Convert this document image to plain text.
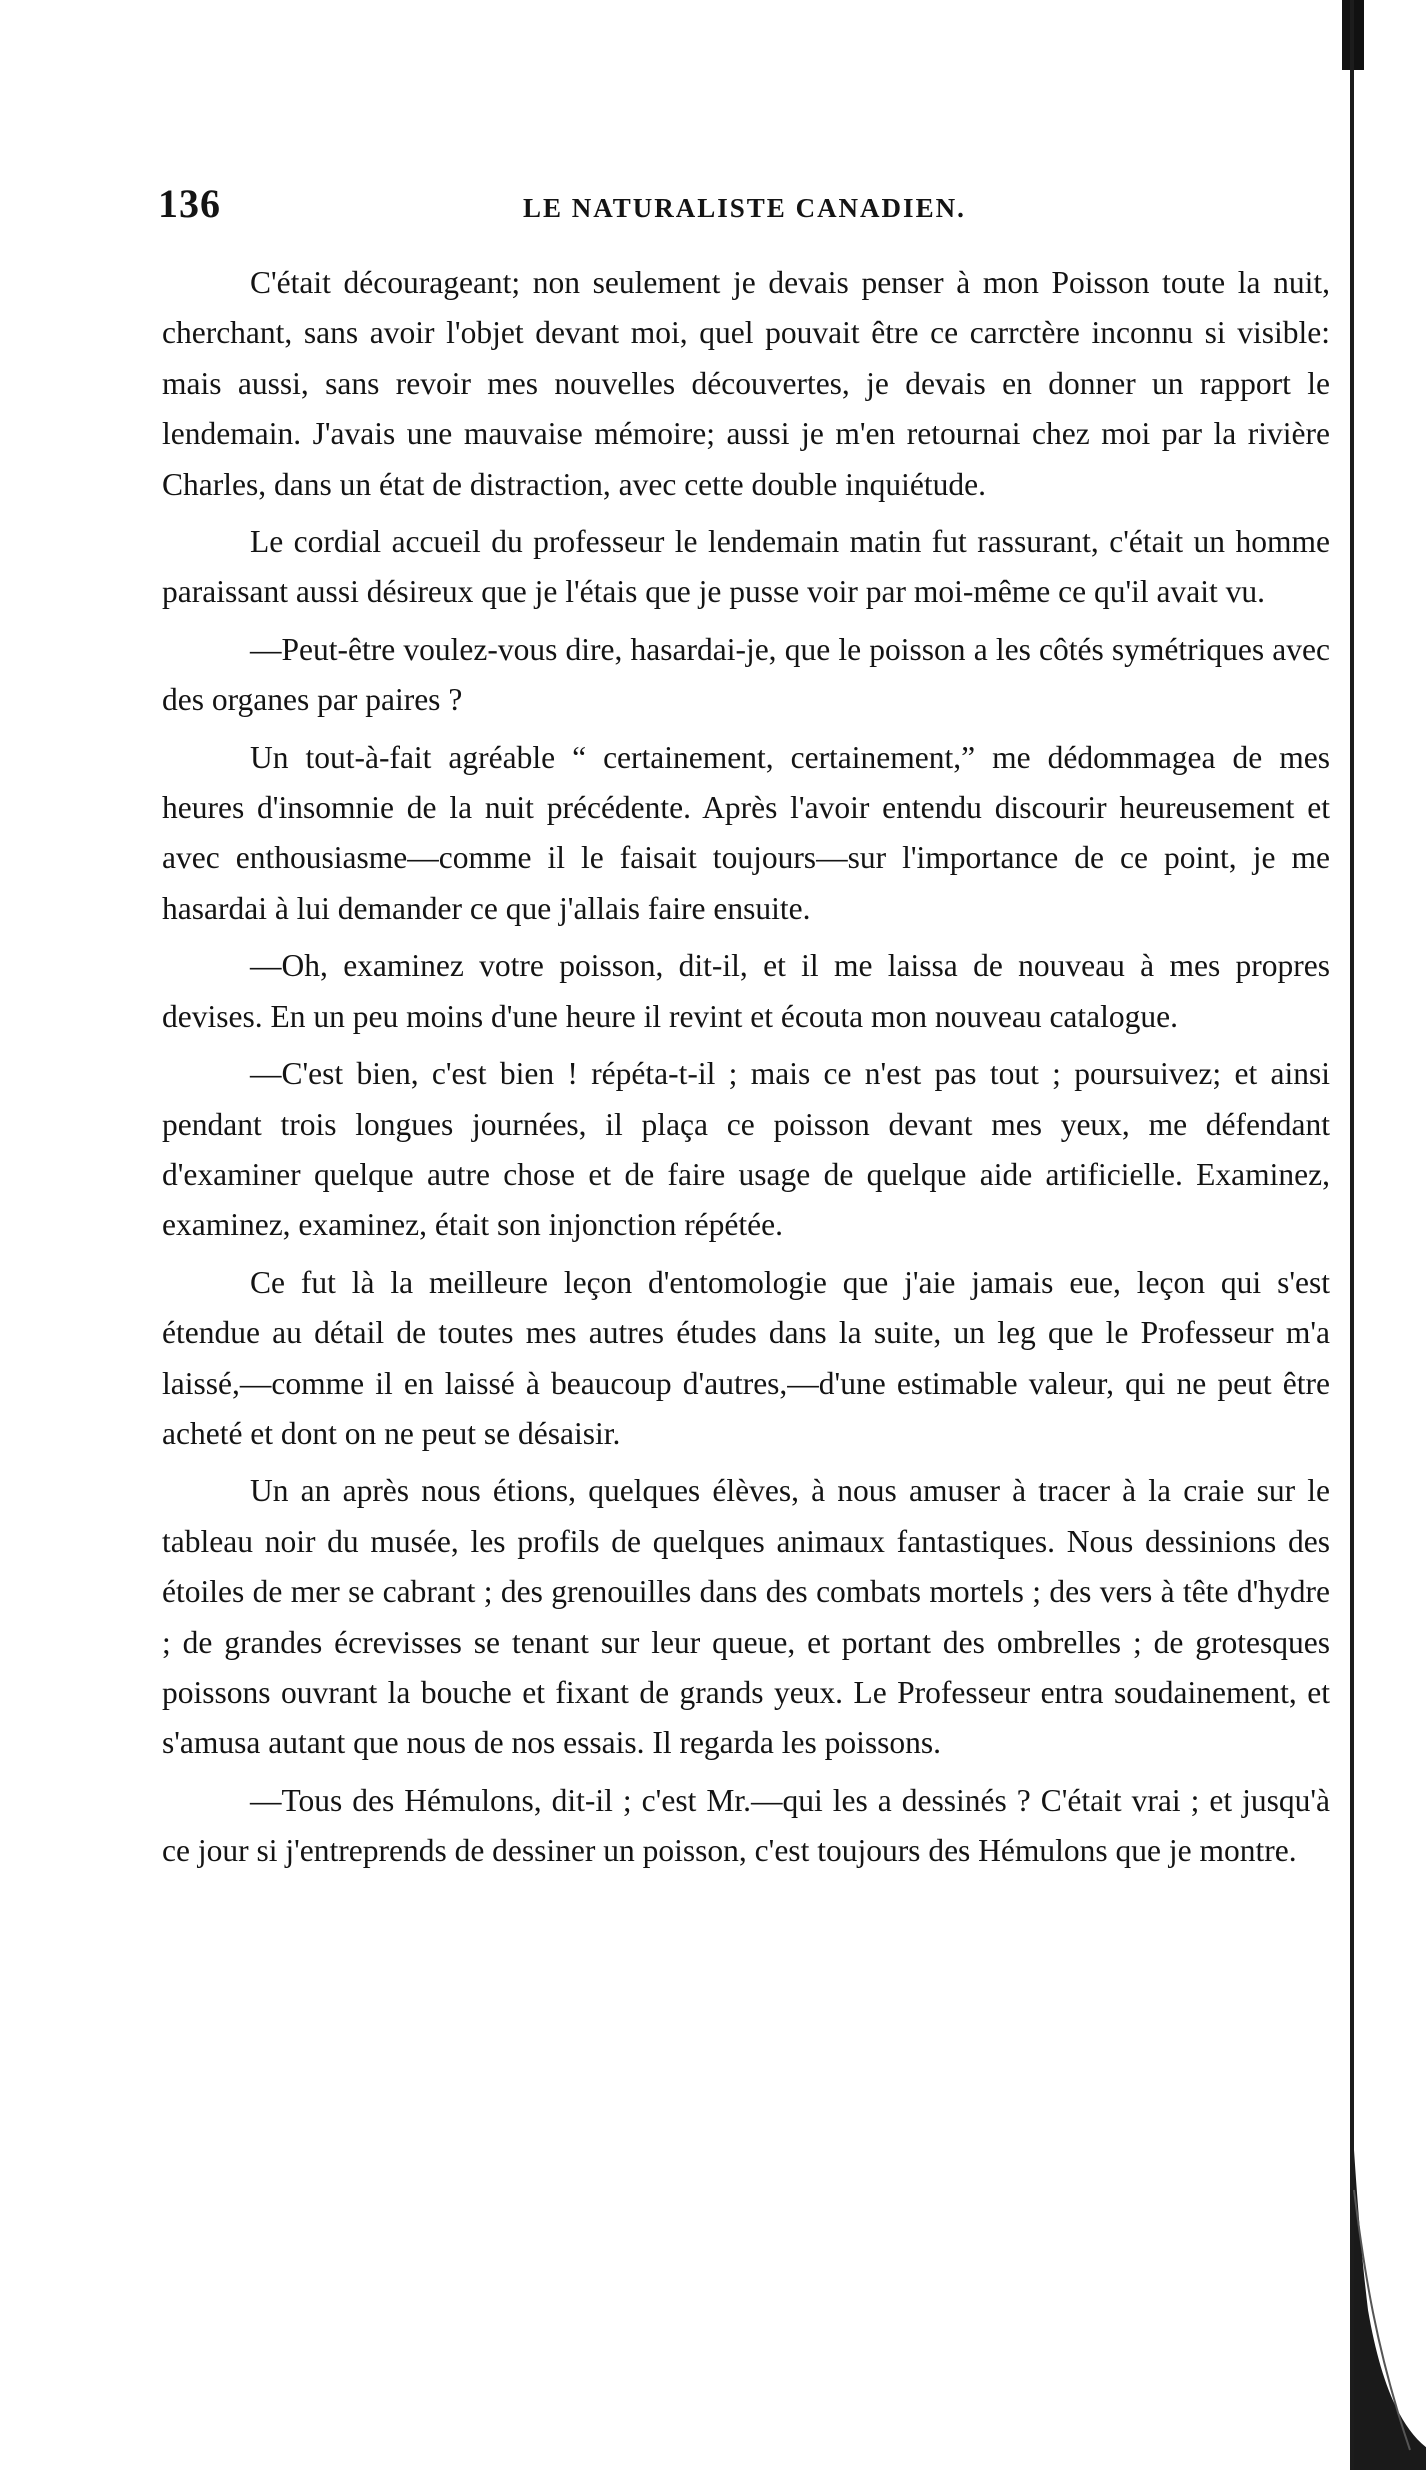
136	LE NATURALISTE CANADIEN.

C'était décourageant; non seulement je devais penser à mon Poisson toute la nuit, cherchant, sans avoir l'objet devant moi, quel pouvait être ce carrctère inconnu si visible: mais aussi, sans revoir mes nouvelles découvertes, je devais en donner un rapport le lendemain. J'avais une mauvaise mémoire; aussi je m'en retournai chez moi par la rivière Charles, dans un état de distraction, avec cette double inquiétude.

Le cordial accueil du professeur le lendemain matin fut rassurant, c'était un homme paraissant aussi désireux que je l'étais que je pusse voir par moi-même ce qu'il avait vu.

—Peut-être voulez-vous dire, hasardai-je, que le poisson a les côtés symétriques avec des organes par paires ?

Un tout-à-fait agréable “ certainement, certainement,” me dédommagea de mes heures d'insomnie de la nuit précédente. Après l'avoir entendu discourir heureusement et avec enthousiasme—comme il le faisait toujours—sur l'importance de ce point, je me hasardai à lui demander ce que j'allais faire ensuite.

—Oh, examinez votre poisson, dit-il, et il me laissa de nouveau à mes propres devises. En un peu moins d'une heure il revint et écouta mon nouveau catalogue.

—C'est bien, c'est bien ! répéta-t-il ; mais ce n'est pas tout ; poursuivez; et ainsi pendant trois longues journées, il plaça ce poisson devant mes yeux, me défendant d'examiner quelque autre chose et de faire usage de quelque aide artificielle. Examinez, examinez, examinez, était son injonction répétée.

Ce fut là la meilleure leçon d'entomologie que j'aie jamais eue, leçon qui s'est étendue au détail de toutes mes autres études dans la suite, un leg que le Professeur m'a laissé,—comme il en laissé à beaucoup d'autres,—d'une estimable valeur, qui ne peut être acheté et dont on ne peut se désaisir.

Un an après nous étions, quelques élèves, à nous amuser à tracer à la craie sur le tableau noir du musée, les profils de quelques animaux fantastiques. Nous dessinions des étoiles de mer se cabrant ; des grenouilles dans des combats mortels ; des vers à tête d'hydre ; de grandes écrevisses se tenant sur leur queue, et portant des ombrelles ; de grotesques poissons ouvrant la bouche et fixant de grands yeux. Le Professeur entra soudainement, et s'amusa autant que nous de nos essais. Il regarda les poissons.

—Tous des Hémulons, dit-il ; c'est Mr.—qui les a dessinés ? C'était vrai ; et jusqu'à ce jour si j'entreprends de dessiner un poisson, c'est toujours des Hémulons que je montre.
